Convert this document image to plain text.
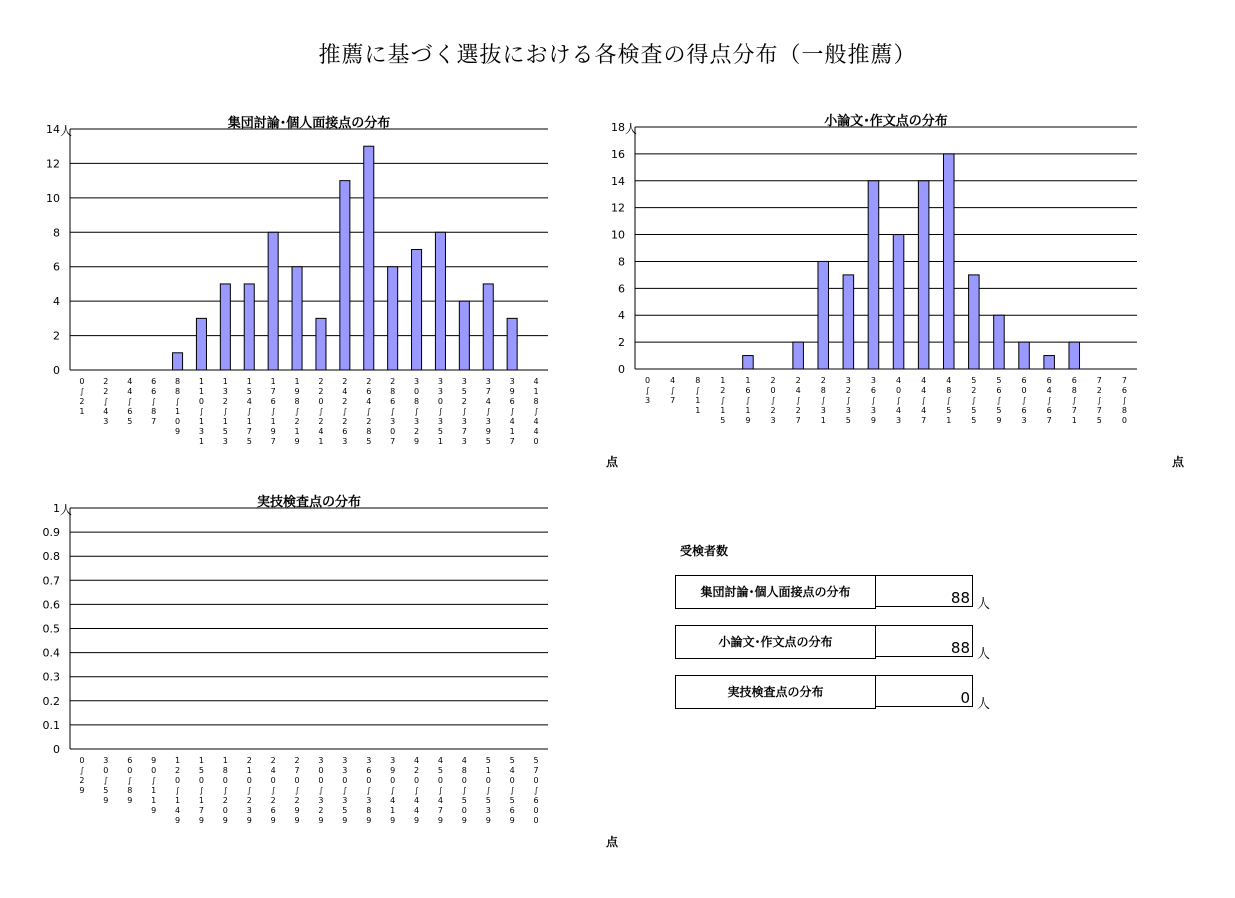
推薦に基づく選抜における各検査の得点分布（一般推薦）
集団討論･個人面接点の分布
0
2
4
6
8
10
12
14 人
0 ∫ 2 1
2 2 ∫ 4 3
4 4 ∫ 6 5
6 6 ∫ 8 7
8 8 ∫ 1 0 9
1 1 0 ∫ 1 3 1
1 3 2 ∫ 1 5 3
1 5 4 ∫ 1 7 5
1 7 6 ∫ 1 9 7
1 9 8 ∫ 2 1 9
2 2 0 ∫ 2 4 1
2 4 2 ∫ 2 6 3
2 6 4 ∫ 2 8 5
2 8 6 ∫ 3 0 7
3 0 8 ∫ 3 2 9
3 3 0 ∫ 3 5 1
3 5 2 ∫ 3 7 3
3 7 4 ∫ 3 9 5
3 9 6 ∫ 4 1 7
4 1 8 ∫ 4 4 0
点
小論文･作文点の分布
0
2
4
6
8
10
12
14
16
18 人
0 ∫ 3
4 ∫ 7
8 ∫ 1 1
1 2 ∫ 1 5
1 6 ∫ 1 9
2 0 ∫ 2 3
2 4 ∫ 2 7
2 8 ∫ 3 1
3 2 ∫ 3 5
3 6 ∫ 3 9
4 0 ∫ 4 3
4 4 ∫ 4 7
4 8 ∫ 5 1
5 2 ∫ 5 5
5 6 ∫ 5 9
6 0 ∫ 6 3
6 4 ∫ 6 7
6 8 ∫ 7 1
7 2 ∫ 7 5
7 6 ∫ 8 0
点
実技検査点の分布
0
0.1
0.2
0.3
0.4
0.5
0.6
0.7
0.8
0.9
1 人
0 ∫ 2 9
3 0 ∫ 5 9
6 0 ∫ 8 9
9 0 ∫ 1 1 9
1 2 0 ∫ 1 4 9
1 5 0 ∫ 1 7 9
1 8 0 ∫ 2 0 9
2 1 0 ∫ 2 3 9
2 4 0 ∫ 2 6 9
2 7 0 ∫ 2 9 9
3 0 0 ∫ 3 2 9
3 3 0 ∫ 3 5 9
3 6 0 ∫ 3 8 9
3 9 0 ∫ 4 1 9
4 2 0 ∫ 4 4 9
4 5 0 ∫ 4 7 9
4 8 0 ∫ 5 0 9
5 1 0 ∫ 5 3 9
5 4 0 ∫ 5 6 9
5 7 0 ∫ 6 0 0
点
受検者数
集団討論･個人面接点の分布	88 人
小論文･作文点の分布	88 人
実技検査点の分布	0 人
